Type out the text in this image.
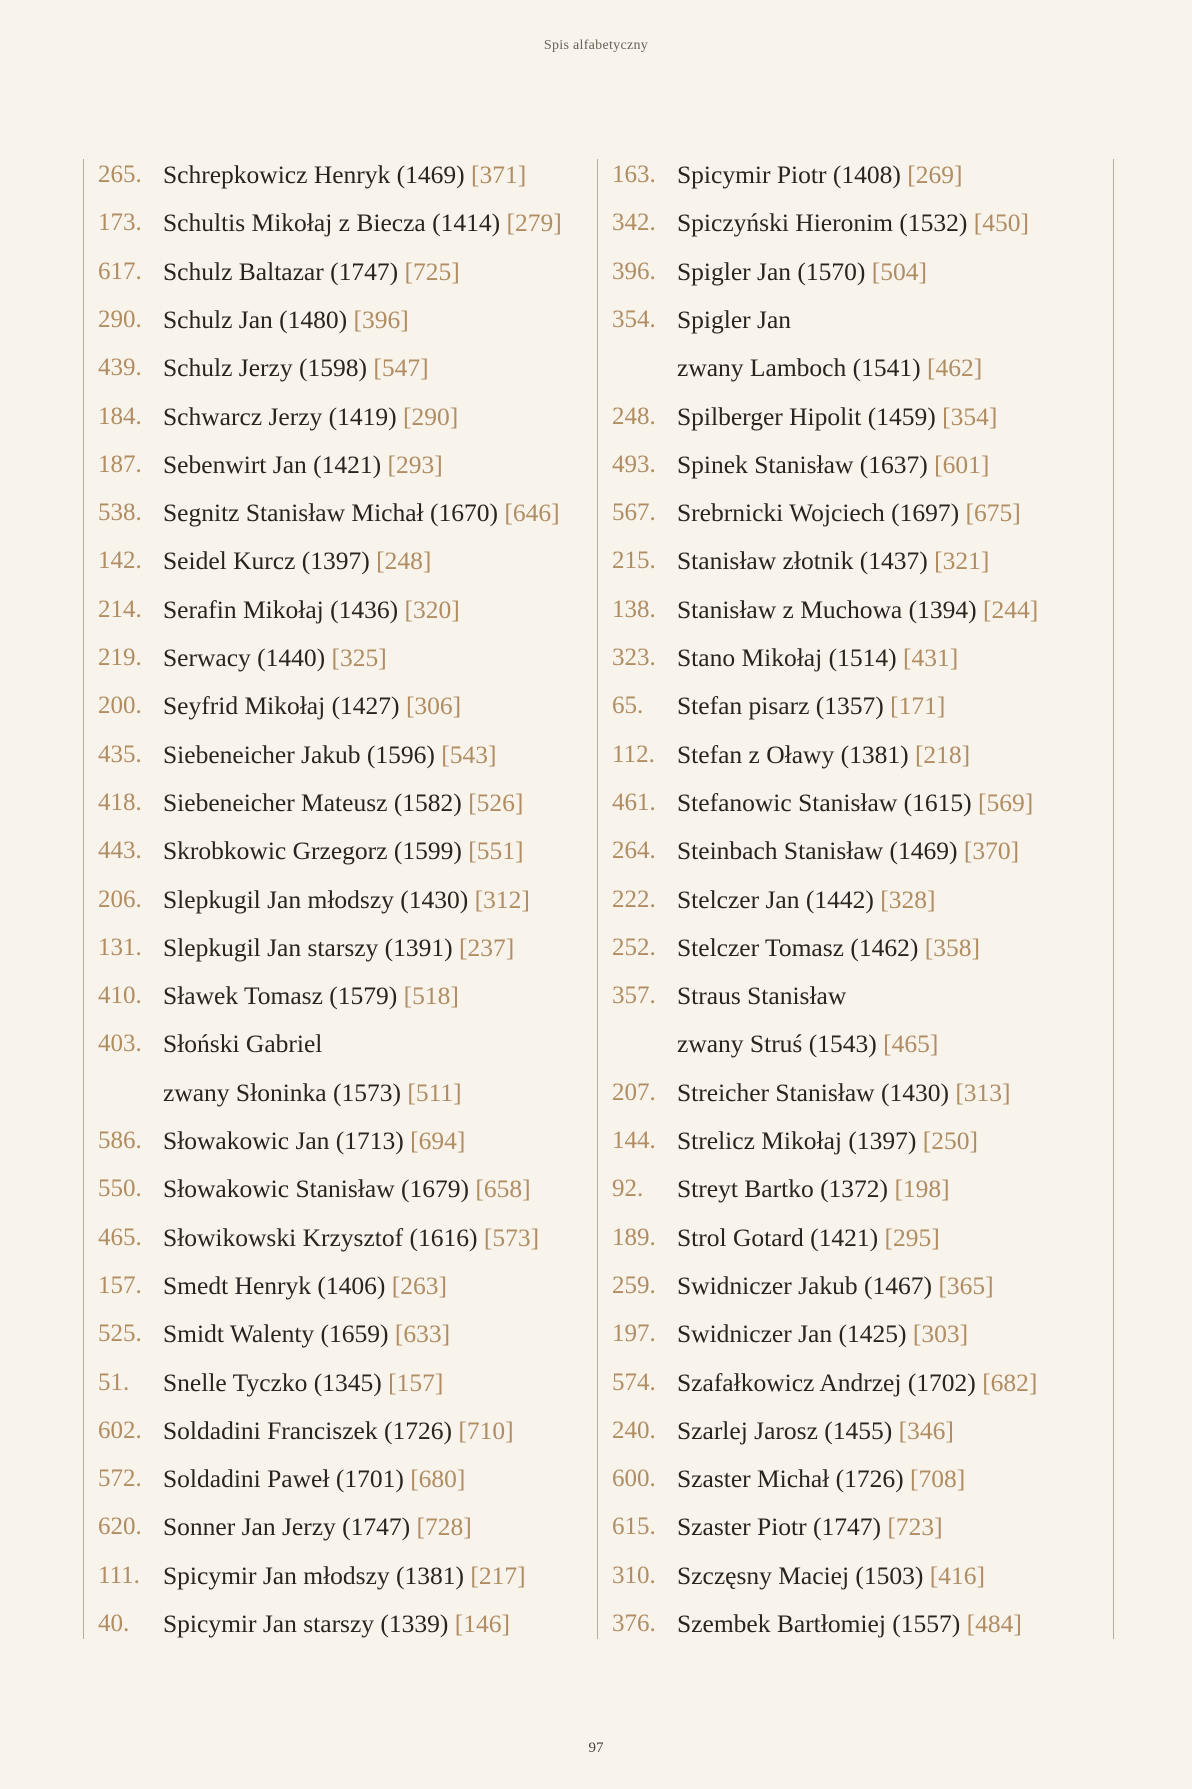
Spis alfabetyczny
265. Schrepkowicz Henryk (1469) [371]
173. Schultis Mikołaj z Biecza (1414) [279]
617. Schulz Baltazar (1747) [725]
290. Schulz Jan (1480) [396]
439. Schulz Jerzy (1598) [547]
184. Schwarcz Jerzy (1419) [290]
187. Sebenwirt Jan (1421) [293]
538. Segnitz Stanisław Michał (1670) [646]
142. Seidel Kurcz (1397) [248]
214. Serafin Mikołaj (1436) [320]
219. Serwacy (1440) [325]
200. Seyfrid Mikołaj (1427) [306]
435. Siebeneicher Jakub (1596) [543]
418. Siebeneicher Mateusz (1582) [526]
443. Skrobkowic Grzegorz (1599) [551]
206. Slepkugil Jan młodszy (1430) [312]
131. Slepkugil Jan starszy (1391) [237]
410. Sławek Tomasz (1579) [518]
403. Słoński Gabriel
zwany Słoninka (1573) [511]
586. Słowakowic Jan (1713) [694]
550. Słowakowic Stanisław (1679) [658]
465. Słowikowski Krzysztof (1616) [573]
157. Smedt Henryk (1406) [263]
525. Smidt Walenty (1659) [633]
51.	Snelle Tyczko (1345) [157]
602. Soldadini Franciszek (1726) [710]
572. Soldadini Paweł (1701) [680]
620. Sonner Jan Jerzy (1747) [728]
111. Spicymir Jan młodszy (1381) [217]
40.	Spicymir Jan starszy (1339) [146]
163. Spicymir Piotr (1408) [269]
342. Spiczyński Hieronim (1532) [450]
396. Spigler Jan (1570) [504]
354. Spigler Jan
zwany Lamboch (1541) [462]
248. Spilberger Hipolit (1459) [354]
493. Spinek Stanisław (1637) [601]
567. Srebrnicki Wojciech (1697) [675]
215. Stanisław złotnik (1437) [321]
138. Stanisław z Muchowa (1394) [244]
323. Stano Mikołaj (1514) [431]
65.	Stefan pisarz (1357) [171]
112. Stefan z Oławy (1381) [218]
461. Stefanowic Stanisław (1615) [569]
264. Steinbach Stanisław (1469) [370]
222. Stelczer Jan (1442) [328]
252. Stelczer Tomasz (1462) [358]
357. Straus Stanisław
zwany Struś (1543) [465]
207. Streicher Stanisław (1430) [313]
144. Strelicz Mikołaj (1397) [250]
92.	Streyt Bartko (1372) [198]
189. Strol Gotard (1421) [295]
259. Swidniczer Jakub (1467) [365]
197. Swidniczer Jan (1425) [303]
574. Szafałkowicz Andrzej (1702) [682]
240. Szarlej Jarosz (1455) [346]
600. Szaster Michał (1726) [708]
615. Szaster Piotr (1747) [723]
310. Szczęsny Maciej (1503) [416]
376. Szembek Bartłomiej (1557) [484]
97
